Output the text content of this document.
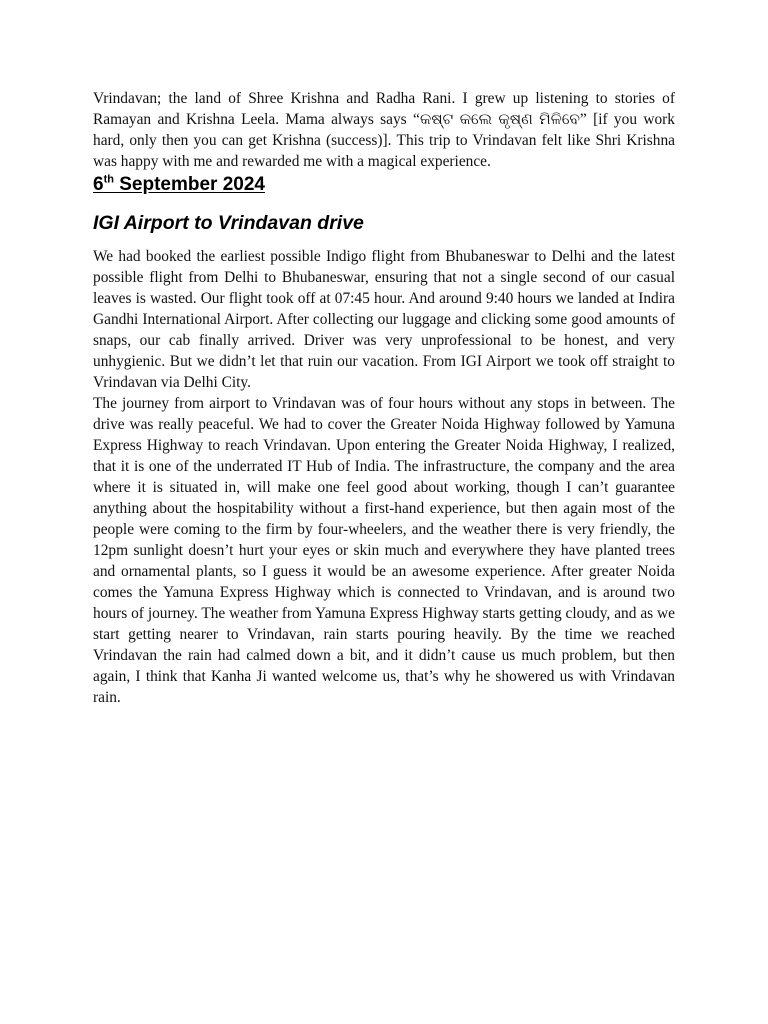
Vrindavan; the land of Shree Krishna and Radha Rani. I grew up listening to stories of Ramayan and Krishna Leela. Mama always says “କଷ୍ଟ କଲେ କୃଷ୍ଣ ମିଳିବେ” [if you work hard, only then you can get Krishna (success)]. This trip to Vrindavan felt like Shri Krishna was happy with me and rewarded me with a magical experience.

6th September 2024
IGI Airport to Vrindavan drive

We had booked the earliest possible Indigo flight from Bhubaneswar to Delhi and the latest possible flight from Delhi to Bhubaneswar, ensuring that not a single second of our casual leaves is wasted. Our flight took off at 07:45 hour. And around 9:40 hours we landed at Indira Gandhi International Airport. After collecting our luggage and clicking some good amounts of snaps, our cab finally arrived. Driver was very unprofessional to be honest, and very unhygienic. But we didn’t let that ruin our vacation. From IGI Airport we took off straight to Vrindavan via Delhi City.

The journey from airport to Vrindavan was of four hours without any stops in between. The drive was really peaceful. We had to cover the Greater Noida Highway followed by Yamuna Express Highway to reach Vrindavan. Upon entering the Greater Noida Highway, I realized, that it is one of the underrated IT Hub of India. The infrastructure, the company and the area where it is situated in, will make one feel good about working, though I can’t guarantee anything about the hospitability without a first-hand experience, but then again most of the people were coming to the firm by four-wheelers, and the weather there is very friendly, the 12pm sunlight doesn’t hurt your eyes or skin much and everywhere they have planted trees and ornamental plants, so I guess it would be an awesome experience. After greater Noida comes the Yamuna Express Highway which is connected to Vrindavan, and is around two hours of journey. The weather from Yamuna Express Highway starts getting cloudy, and as we start getting nearer to Vrindavan, rain starts pouring heavily. By the time we reached Vrindavan the rain had calmed down a bit, and it didn’t cause us much problem, but then again, I think that Kanha Ji wanted welcome us, that’s why he showered us with Vrindavan rain.
